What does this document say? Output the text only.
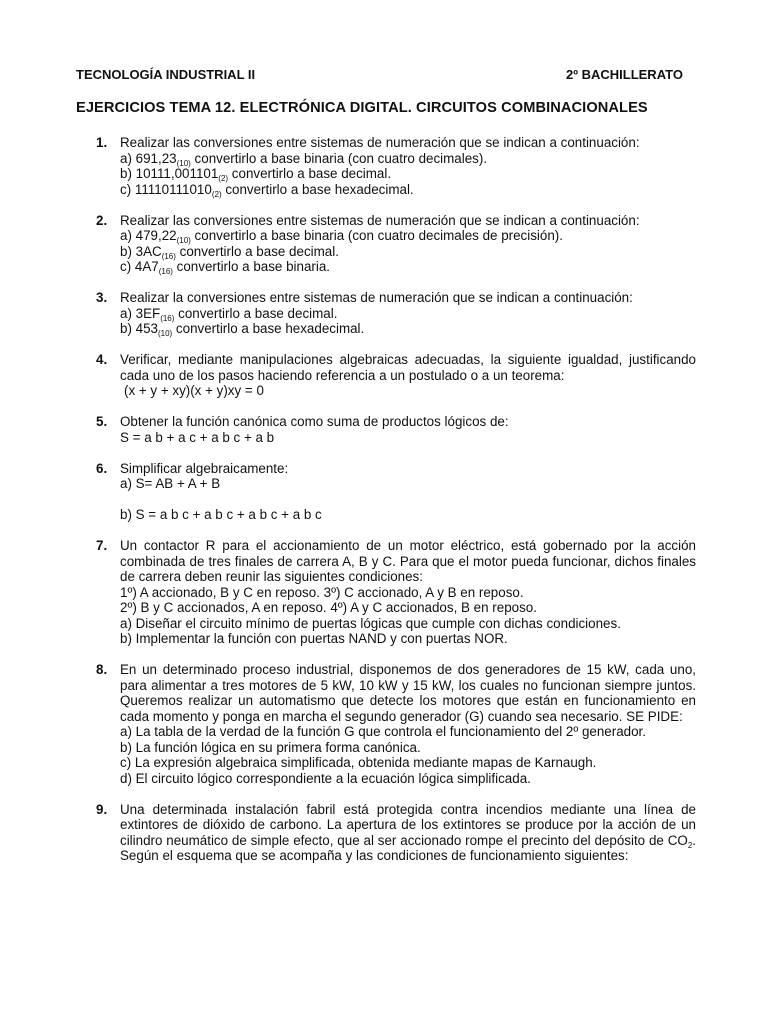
TECNOLOGÍA INDUSTRIAL II	2º BACHILLERATO
EJERCICIOS TEMA 12. ELECTRÓNICA DIGITAL. CIRCUITOS COMBINACIONALES
1. Realizar las conversiones entre sistemas de numeración que se indican a continuación:
a) $691,23_{(10)}$ convertirlo a base binaria (con cuatro decimales).
b) $10111,001101_{(2)}$ convertirlo a base decimal.
c) $11110111010_{(2)}$ convertirlo a base hexadecimal.
2. Realizar las conversiones entre sistemas de numeración que se indican a continuación:
a) $479,22_{(10)}$ convertirlo a base binaria (con cuatro decimales de precisión).
b) $3AC_{(16)}$ convertirlo a base decimal.
c) $4A7_{(16)}$ convertirlo a base binaria.
3. Realizar la conversiones entre sistemas de numeración que se indican a continuación:
a) $3EF_{(16)}$ convertirlo a base decimal.
b) $453_{(10)}$ convertirlo a base hexadecimal.
4. Verificar, mediante manipulaciones algebraicas adecuadas, la siguiente igualdad, justificando cada uno de los pasos haciendo referencia a un postulado o a un teorema:
(x + y + xy)(x + y)xy = 0
5. Obtener la función canónica como suma de productos lógicos de:
S = a b + a c + a b c + a b
6. Simplificar algebraicamente:
a) S= AB + A + B
b) S = a b c + a b c + a b c + a b c
7. Un contactor R para el accionamiento de un motor eléctrico, está gobernado por la acción combinada de tres finales de carrera A, B y C. Para que el motor pueda funcionar, dichos finales de carrera deben reunir las siguientes condiciones:
1º) A accionado, B y C en reposo. 3º) C accionado, A y B en reposo.
2º) B y C accionados, A en reposo. 4º) A y C accionados, B en reposo.
a) Diseñar el circuito mínimo de puertas lógicas que cumple con dichas condiciones.
b) Implementar la función con puertas NAND y con puertas NOR.
8. En un determinado proceso industrial, disponemos de dos generadores de 15 kW, cada uno, para alimentar a tres motores de 5 kW, 10 kW y 15 kW, los cuales no funcionan siempre juntos. Queremos realizar un automatismo que detecte los motores que están en funcionamiento en cada momento y ponga en marcha el segundo generador (G) cuando sea necesario. SE PIDE:
a) La tabla de la verdad de la función G que controla el funcionamiento del 2º generador.
b) La función lógica en su primera forma canónica.
c) La expresión algebraica simplificada, obtenida mediante mapas de Karnaugh.
d) El circuito lógico correspondiente a la ecuación lógica simplificada.
9. Una determinada instalación fabril está protegida contra incendios mediante una línea de extintores de dióxido de carbono. La apertura de los extintores se produce por la acción de un cilindro neumático de simple efecto, que al ser accionado rompe el precinto del depósito de $CO_2$. Según el esquema que se acompaña y las condiciones de funcionamiento siguientes:
